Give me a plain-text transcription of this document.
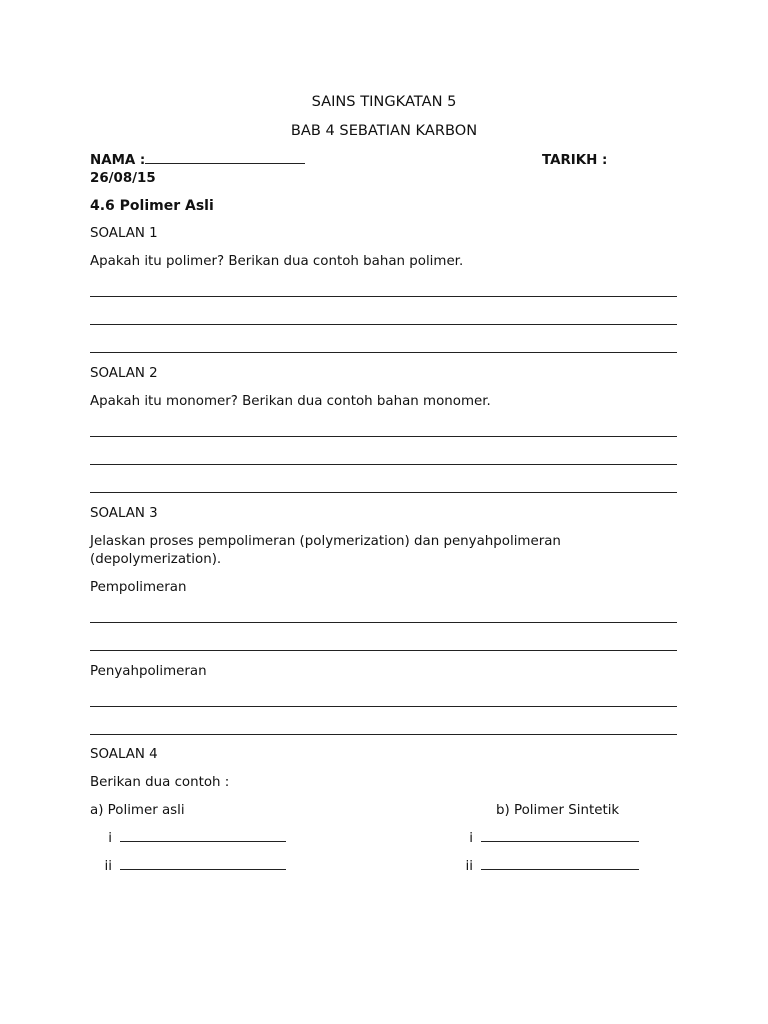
SAINS TINGKATAN 5
BAB 4 SEBATIAN KARBON
NAMA :	TARIKH :
26/08/15
4.6 Polimer Asli
SOALAN 1
Apakah itu polimer? Berikan dua contoh bahan polimer.
SOALAN 2
Apakah itu monomer? Berikan dua contoh bahan monomer.
SOALAN 3
Jelaskan proses pempolimeran (polymerization) dan penyahpolimeran
(depolymerization).
Pempolimeran
Penyahpolimeran
SOALAN 4
Berikan dua contoh :
a) Polimer asli	b) Polimer Sintetik
i
ii
i
ii
